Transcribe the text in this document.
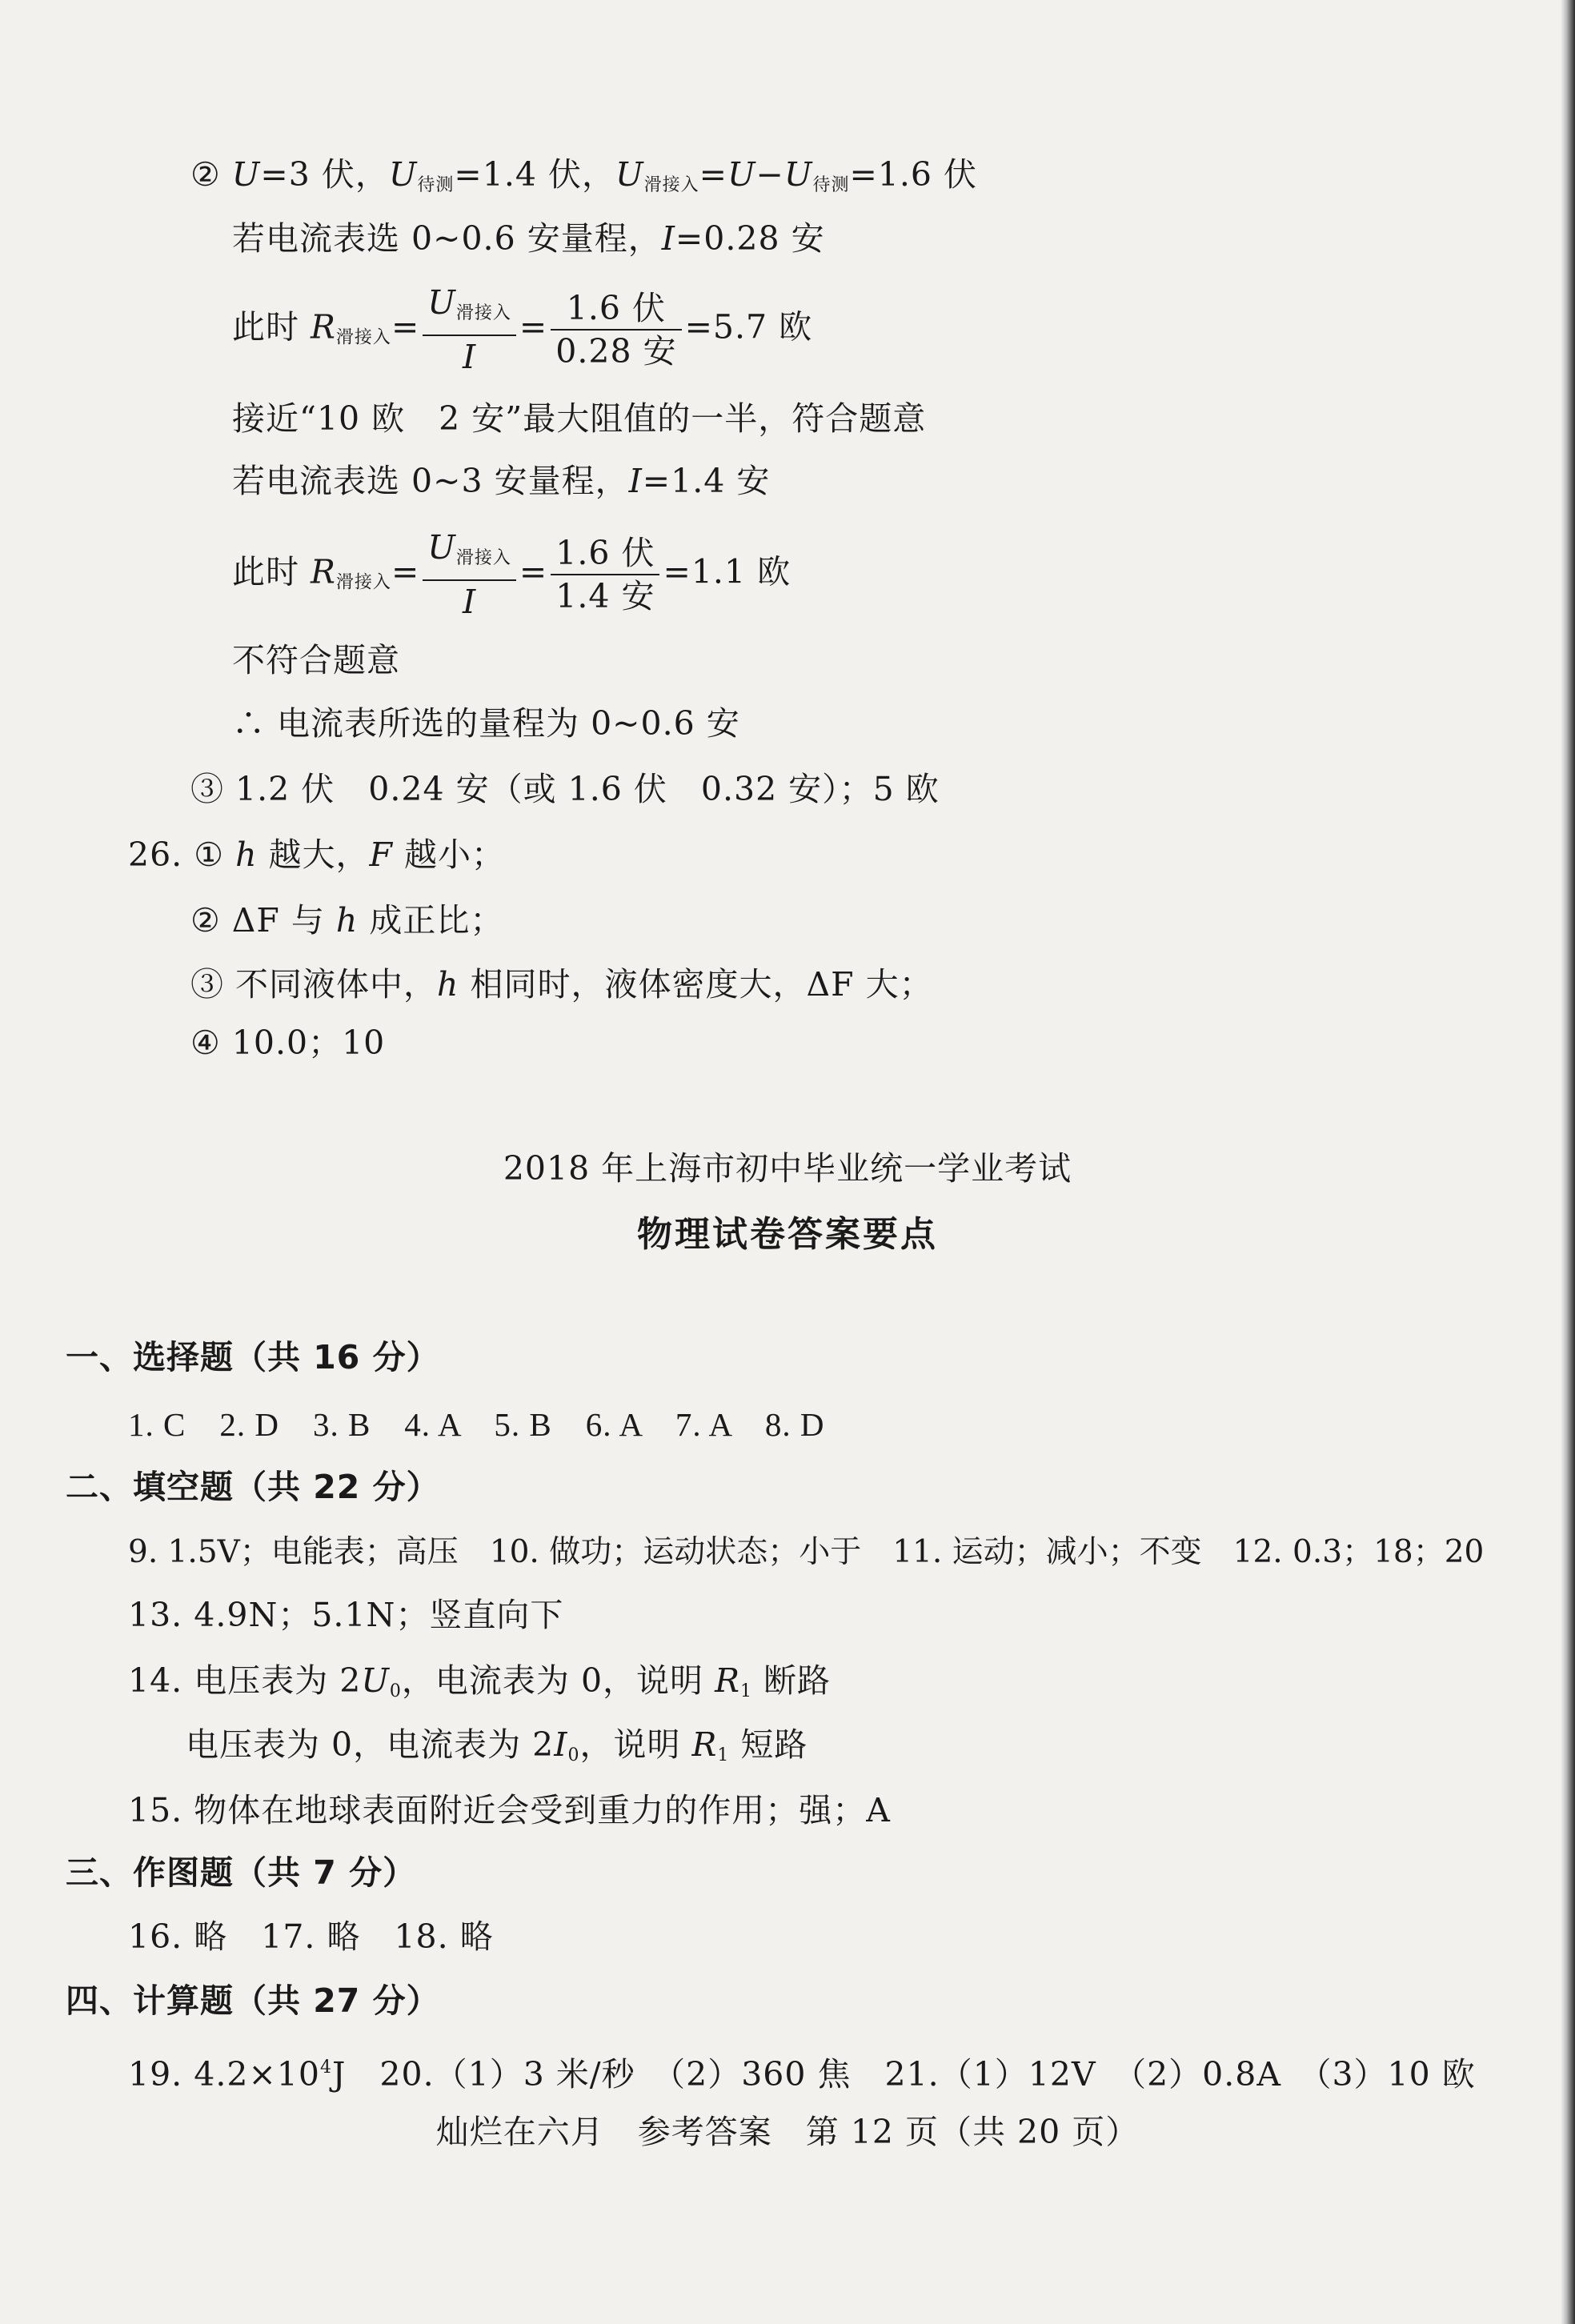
② U=3 伏，$U_{待测}=1.4$ 伏，$U_{滑接入}=U-U_{待测}=1.6$ 伏
若电流表选 0~0.6 安量程，I=0.28 安
此时 $R_{滑接入}= \frac{U_{滑接入}}{I} = \frac{\text{1.6 伏}}{\text{0.28 安}} =5.7$ 欧
接近“10 欧　2 安”最大阻值的一半，符合题意
若电流表选 0~3 安量程，I=1.4 安
此时 $R_{滑接入}= \frac{U_{滑接入}}{I} = \frac{\text{1.6 伏}}{\text{1.4 安}} =1.1$ 欧
不符合题意
∴ 电流表所选的量程为 0~0.6 安
③ 1.2 伏　0.24 安（或 1.6 伏　0.32 安）；5 欧
26. ① h 越大，F 越小；
② ΔF 与 h 成正比；
③ 不同液体中，h 相同时，液体密度大，ΔF 大；
④ 10.0；10
2018 年上海市初中毕业统一学业考试
物理试卷答案要点
一、选择题（共 16 分）
1. C　2. D　3. B　4. A　5. B　6. A　7. A　8. D
二、填空题（共 22 分）
9. 1.5V；电能表；高压　10. 做功；运动状态；小于　11. 运动；减小；不变　12. 0.3；18；20
13. 4.9N；5.1N；竖直向下
14. 电压表为 $2U_0$，电流表为 0，说明 $R_1$ 断路
电压表为 0，电流表为 $2I_0$，说明 $R_1$ 短路
15. 物体在地球表面附近会受到重力的作用；强；A
三、作图题（共 7 分）
16. 略　17. 略　18. 略
四、计算题（共 27 分）
19. $4.2\times 10^4J$　20.（1）3 米/秒　（2）360 焦　21.（1）12V　（2）0.8A　（3）10 欧
灿烂在六月　参考答案　第 12 页（共 20 页）
